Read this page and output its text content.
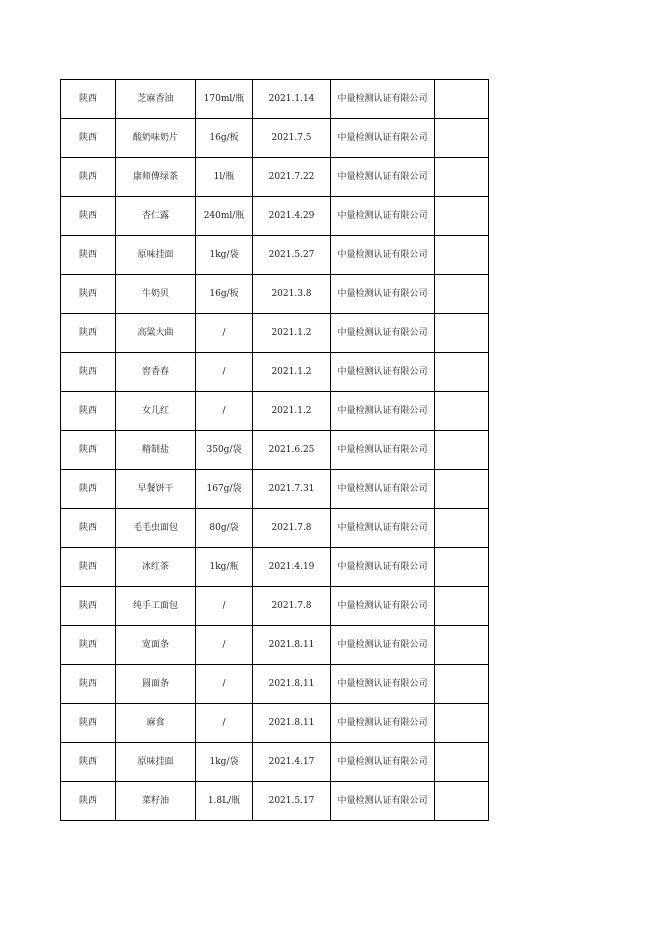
陕西	芝麻香油	170ml/瓶	2021.1.14	中量检测认证有限公司	
陕西	酸奶味奶片	16g/板	2021.7.5	中量检测认证有限公司	
陕西	康师傅绿茶	1l/瓶	2021.7.22	中量检测认证有限公司	
陕西	杏仁露	240ml/瓶	2021.4.29	中量检测认证有限公司	
陕西	原味挂面	1kg/袋	2021.5.27	中量检测认证有限公司	
陕西	牛奶贝	16g/板	2021.3.8	中量检测认证有限公司	
陕西	高粱大曲	/	2021.1.2	中量检测认证有限公司	
陕西	窖香春	/	2021.1.2	中量检测认证有限公司	
陕西	女儿红	/	2021.1.2	中量检测认证有限公司	
陕西	精制盐	350g/袋	2021.6.25	中量检测认证有限公司	
陕西	早餐饼干	167g/袋	2021.7.31	中量检测认证有限公司	
陕西	毛毛虫面包	80g/袋	2021.7.8	中量检测认证有限公司	
陕西	冰红茶	1kg/瓶	2021.4.19	中量检测认证有限公司	
陕西	纯手工面包	/	2021.7.8	中量检测认证有限公司	
陕西	宽面条	/	2021.8.11	中量检测认证有限公司	
陕西	圆面条	/	2021.8.11	中量检测认证有限公司	
陕西	麻食	/	2021.8.11	中量检测认证有限公司	
陕西	原味挂面	1kg/袋	2021.4.17	中量检测认证有限公司	
陕西	菜籽油	1.8L/瓶	2021.5.17	中量检测认证有限公司	
